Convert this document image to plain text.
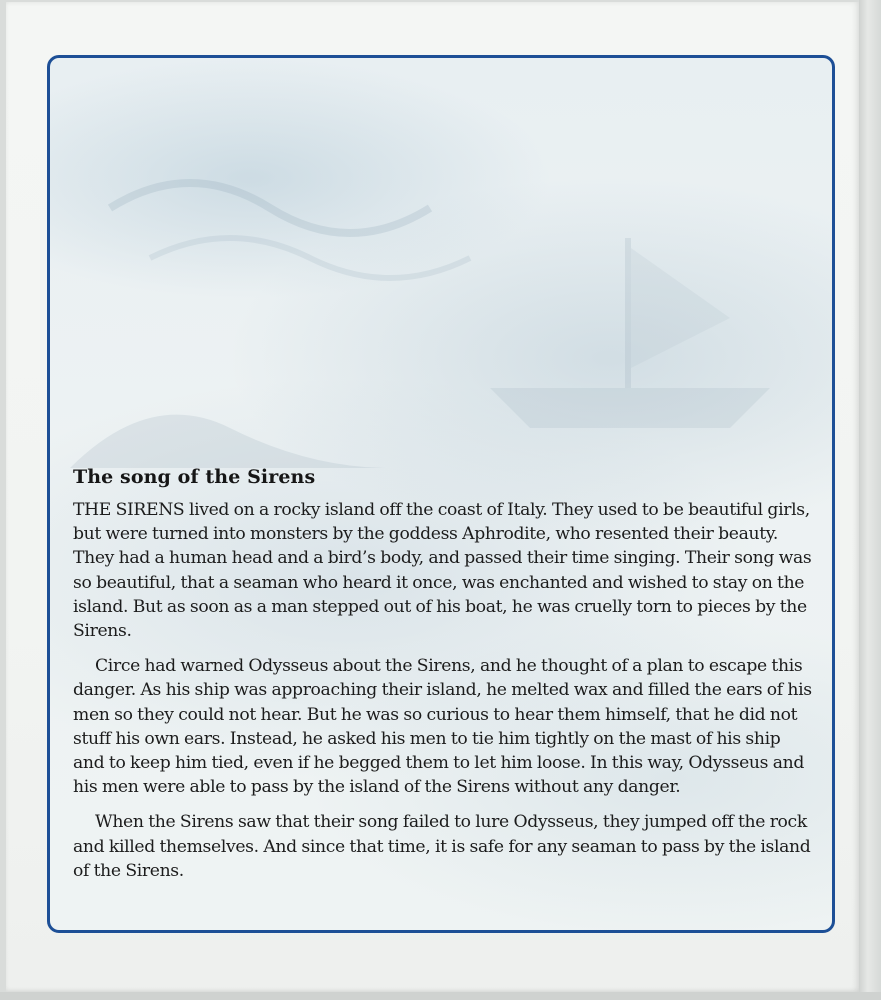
The song of the Sirens

THE SIRENS lived on a rocky island off the coast of Italy. They used to be beautiful girls, but were turned into monsters by the goddess Aphrodite, who resented their beauty. They had a human head and a bird’s body, and passed their time singing. Their song was so beautiful, that a seaman who heard it once, was enchanted and wished to stay on the island. But as soon as a man stepped out of his boat, he was cruelly torn to pieces by the Sirens.

Circe had warned Odysseus about the Sirens, and he thought of a plan to escape this danger. As his ship was approaching their island, he melted wax and filled the ears of his men so they could not hear. But he was so curious to hear them himself, that he did not stuff his own ears. Instead, he asked his men to tie him tightly on the mast of his ship and to keep him tied, even if he begged them to let him loose. In this way, Odysseus and his men were able to pass by the island of the Sirens without any danger.

When the Sirens saw that their song failed to lure Odysseus, they jumped off the rock and killed themselves. And since that time, it is safe for any seaman to pass by the island of the Sirens.
